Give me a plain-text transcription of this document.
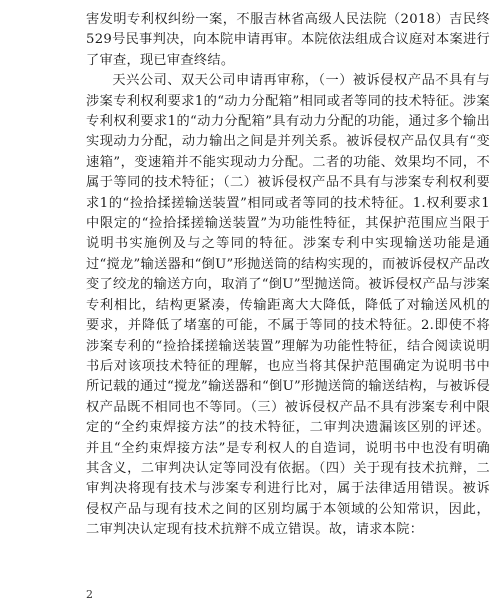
害发明专利权纠纷一案，不服吉林省高级人民法院（2018）吉民终529号民事判决，向本院申请再审。本院依法组成合议庭对本案进行了审查，现已审查终结。

天兴公司、双天公司申请再审称，（一）被诉侵权产品不具有与涉案专利权利要求1的“动力分配箱”相同或者等同的技术特征。涉案专利权利要求1的“动力分配箱”具有动力分配的功能，通过多个输出实现动力分配，动力输出之间是并列关系。被诉侵权产品仅具有“变速箱”，变速箱并不能实现动力分配。二者的功能、效果均不同，不属于等同的技术特征；（二）被诉侵权产品不具有与涉案专利权利要求1的“捡拾揉搓输送装置”相同或者等同的技术特征。1.权利要求1中限定的“捡拾揉搓输送装置”为功能性特征，其保护范围应当限于说明书实施例及与之等同的特征。涉案专利中实现输送功能是通过“搅龙”输送器和“倒U”形抛送筒的结构实现的，而被诉侵权产品改变了绞龙的输送方向，取消了“倒U”型抛送筒。被诉侵权产品与涉案专利相比，结构更紧凑，传输距离大大降低，降低了对输送风机的要求，并降低了堵塞的可能，不属于等同的技术特征。2.即使不将涉案专利的“捡拾揉搓输送装置”理解为功能性特征，结合阅读说明书后对该项技术特征的理解，也应当将其保护范围确定为说明书中所记载的通过“搅龙”输送器和“倒U”形抛送筒的输送结构，与被诉侵权产品既不相同也不等同。（三）被诉侵权产品不具有涉案专利中限定的“全约束焊接方法”的技术特征，二审判决遗漏该区别的评述。并且“全约束焊接方法”是专利权人的自造词，说明书中也没有明确其含义，二审判决认定等同没有依据。（四）关于现有技术抗辩，二审判决将现有技术与涉案专利进行比对，属于法律适用错误。被诉侵权产品与现有技术之间的区别均属于本领域的公知常识，因此，二审判决认定现有技术抗辩不成立错误。故，请求本院：

2
